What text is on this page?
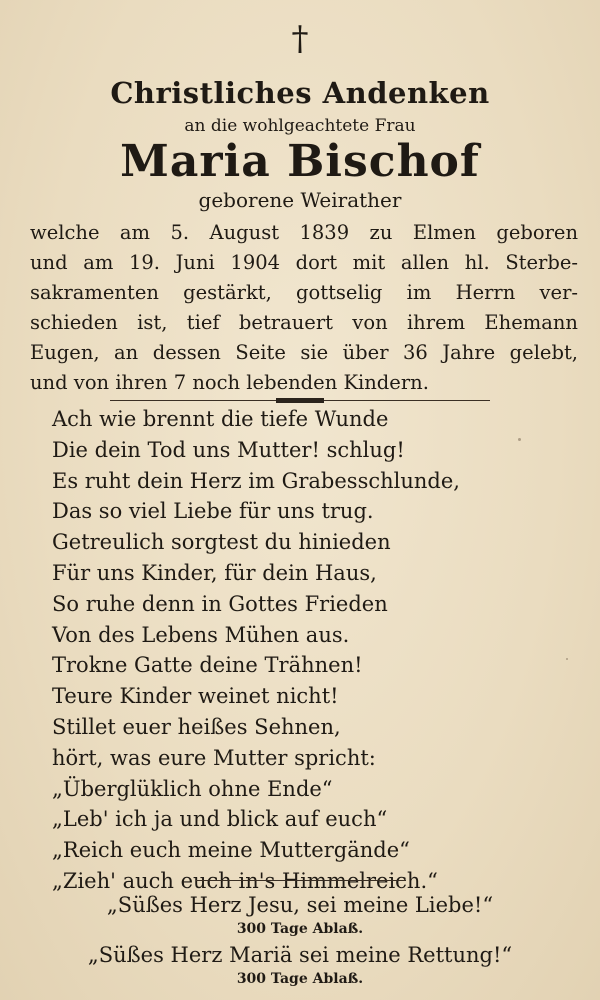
†
Christliches Andenken
an die wohlgeachtete Frau
Maria Bischof
geborene Weirather
welche am 5. August 1839 zu Elmen geboren
und am 19. Juni 1904 dort mit allen hl. Sterbe-
sakramenten gestärkt, gottselig im Herrn ver-
schieden ist, tief betrauert von ihrem Ehemann
Eugen, an dessen Seite sie über 36 Jahre gelebt,
und von ihren 7 noch lebenden Kindern.
Ach wie brennt die tiefe Wunde
Die dein Tod uns Mutter! schlug!
Es ruht dein Herz im Grabesschlunde,
Das so viel Liebe für uns trug.
Getreulich sorgtest du hinieden
Für uns Kinder, für dein Haus,
So ruhe denn in Gottes Frieden
Von des Lebens Mühen aus.
Trokne Gatte deine Trähnen!
Teure Kinder weinet nicht!
Stillet euer heißes Sehnen,
hört, was eure Mutter spricht:
„Überglüklich ohne Ende“
„Leb' ich ja und blick auf euch“
„Reich euch meine Muttergände“
„Zieh' auch euch in's Himmelreich.“
„Süßes Herz Jesu, sei meine Liebe!“
300 Tage Ablaß.
„Süßes Herz Mariä sei meine Rettung!“
300 Tage Ablaß.
